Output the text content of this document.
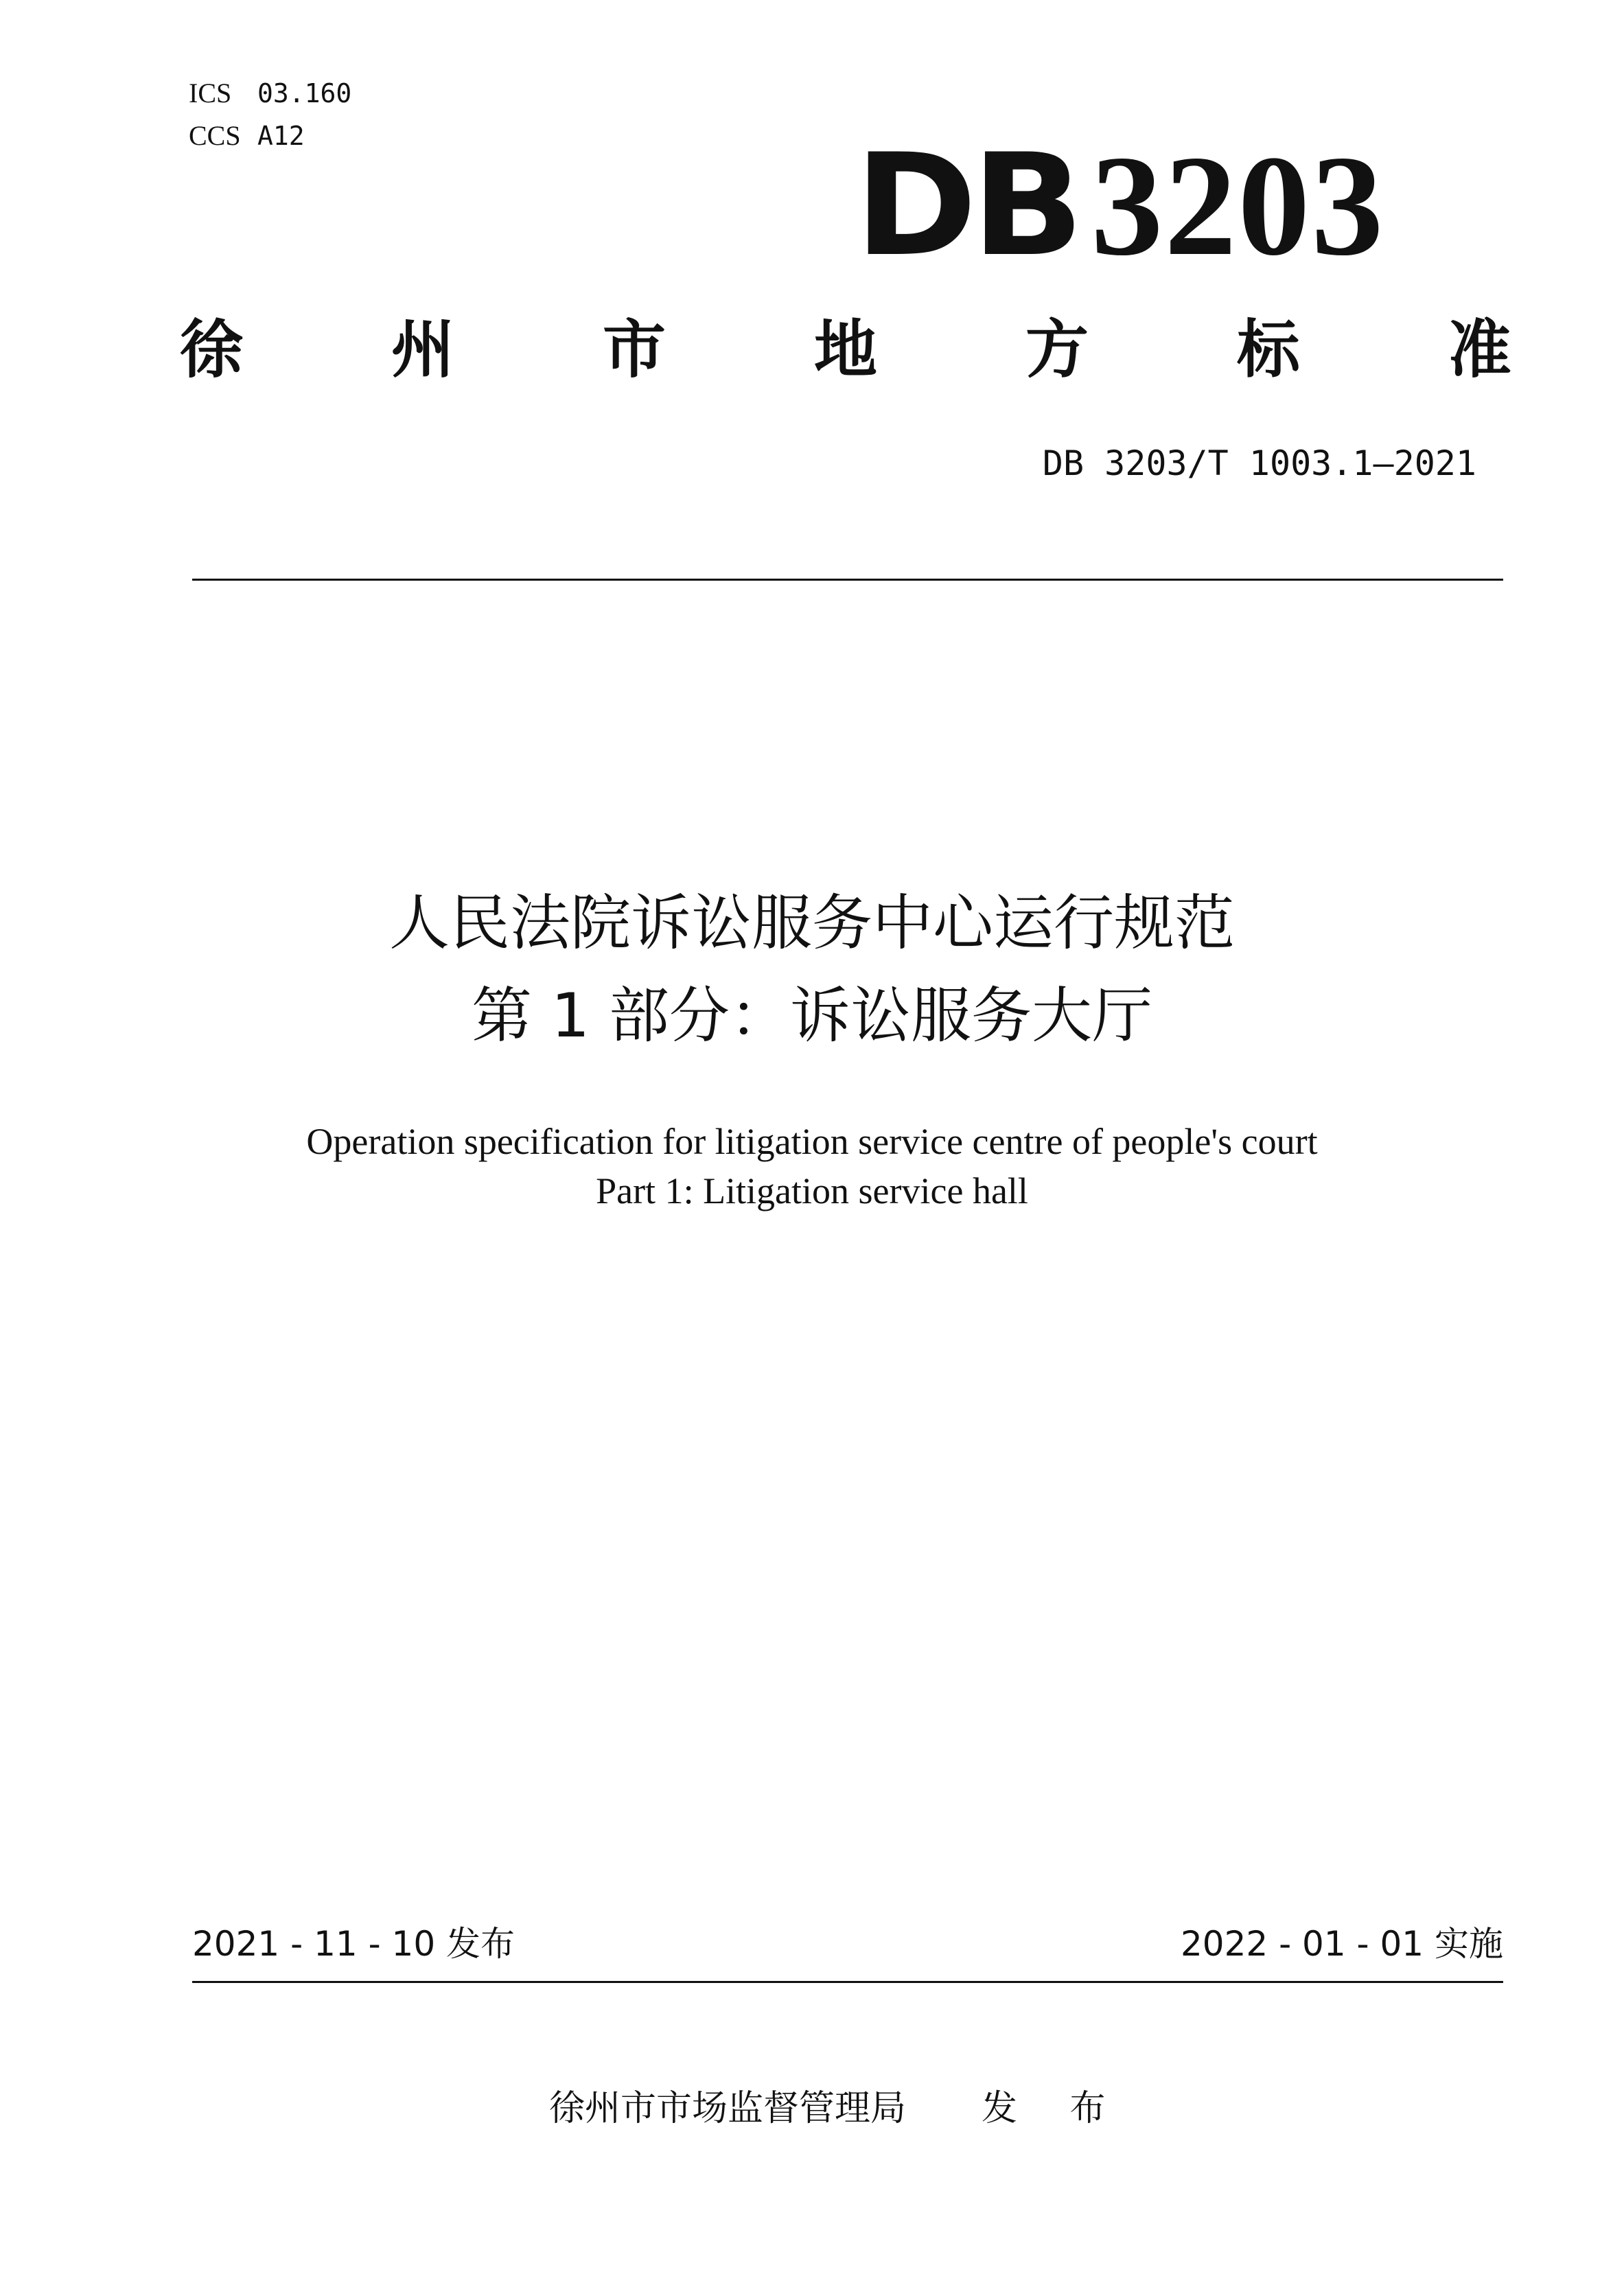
ICS 03.160
CCS A12	DB3203
徐 州 市 地 方 标 准
DB 3203/T 1003.1—2021
人民法院诉讼服务中心运行规范
第 1 部分：诉讼服务大厅
Operation specification for litigation service centre of people's court
Part 1: Litigation service hall
2021 - 11 - 10 发布	2022 - 01 - 01 实施
徐州市市场监督管理局 发 布
